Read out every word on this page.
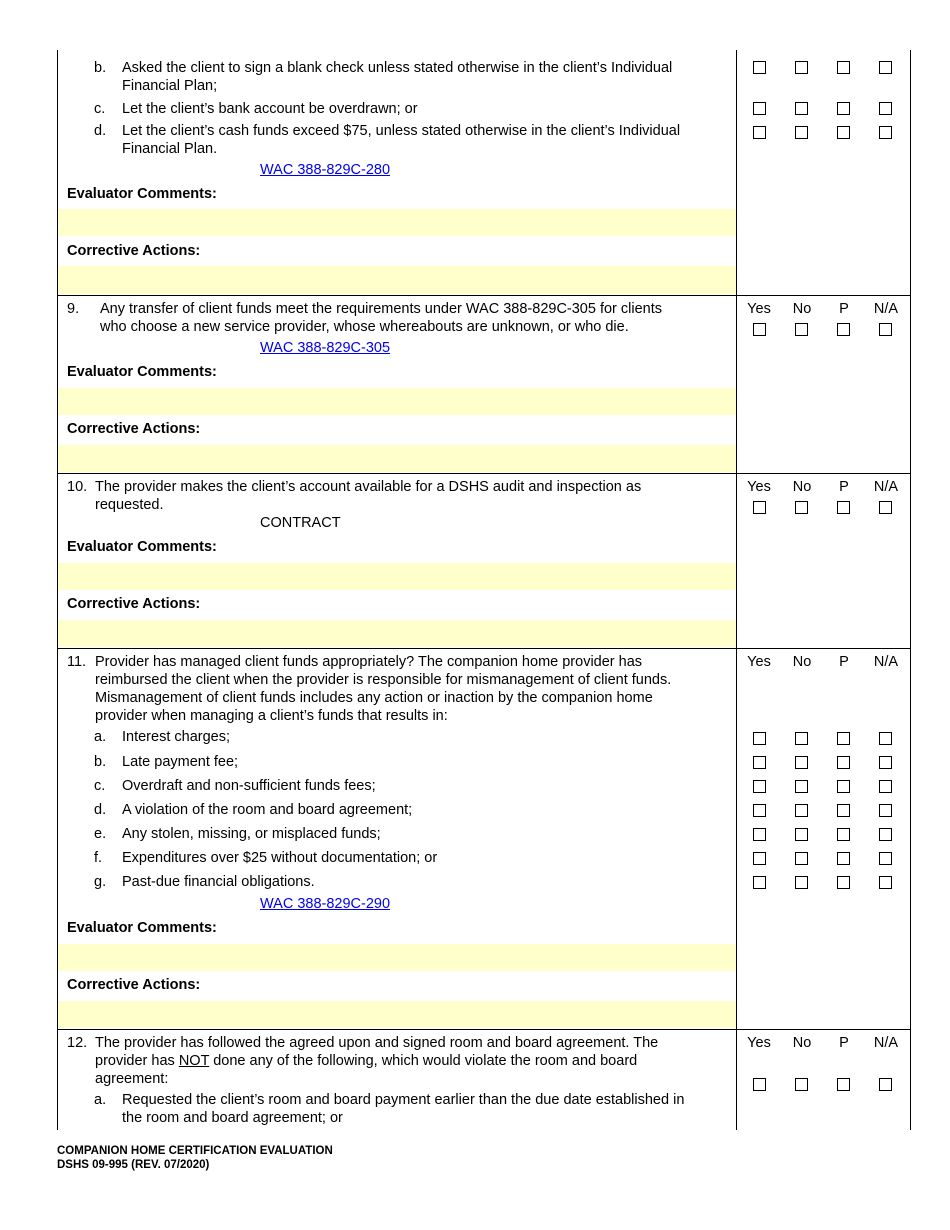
b. Asked the client to sign a blank check unless stated otherwise in the client’s Individual
Financial Plan;
c. Let the client’s bank account be overdrawn; or
d. Let the client’s cash funds exceed $75, unless stated otherwise in the client’s Individual
Financial Plan.
WAC 388-829C-280
Evaluator Comments:
Corrective Actions:
9. Any transfer of client funds meet the requirements under WAC 388-829C-305 for clients
who choose a new service provider, whose whereabouts are unknown, or who die.
WAC 388-829C-305
Evaluator Comments:
Corrective Actions:
Yes	No	P	N/A
10. The provider makes the client’s account available for a DSHS audit and inspection as
requested.
CONTRACT
Evaluator Comments:
Corrective Actions:
Yes	No	P	N/A
11. Provider has managed client funds appropriately? The companion home provider has
reimbursed the client when the provider is responsible for mismanagement of client funds.
Mismanagement of client funds includes any action or inaction by the companion home
provider when managing a client’s funds that results in:
a. Interest charges;
b. Late payment fee;
c. Overdraft and non-sufficient funds fees;
d. A violation of the room and board agreement;
e. Any stolen, missing, or misplaced funds;
f. Expenditures over $25 without documentation; or
g. Past-due financial obligations.
WAC 388-829C-290
Evaluator Comments:
Corrective Actions:
Yes	No	P	N/A
12. The provider has followed the agreed upon and signed room and board agreement. The
provider has NOT done any of the following, which would violate the room and board
agreement:
a. Requested the client’s room and board payment earlier than the due date established in
the room and board agreement; or
Yes	No	P	N/A
COMPANION HOME CERTIFICATION EVALUATION
DSHS 09-995 (REV. 07/2020)
